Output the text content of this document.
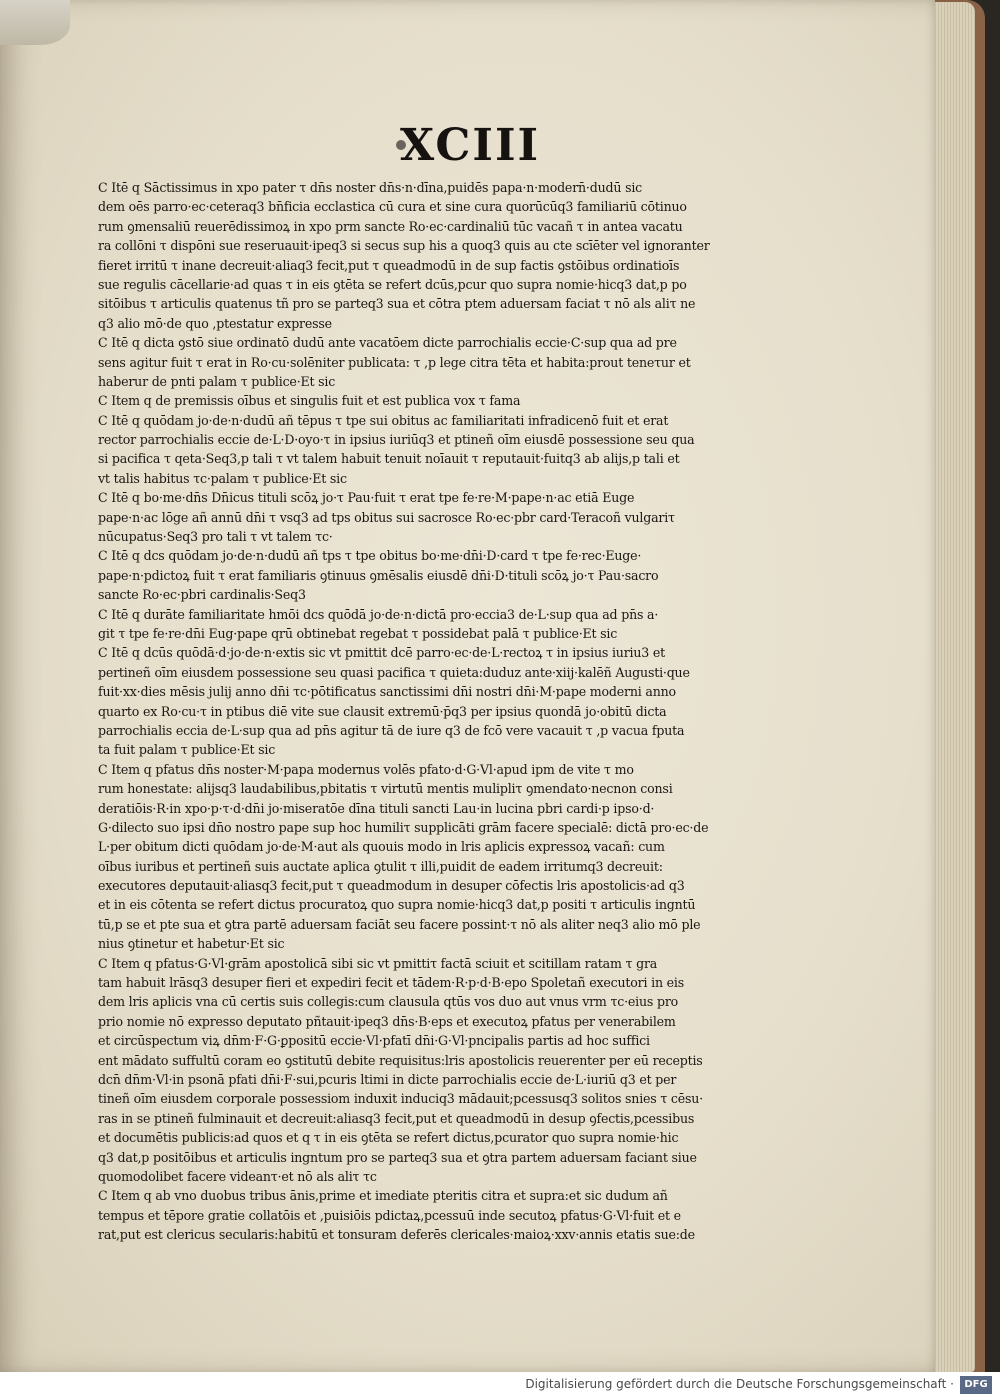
XCIII
C Itē q Sāctissimus in xpo pater τ dn̄s noster dn̄s·n·dīna,puidēs papa·n·modern̄·dudū sic
dem oēs parro·ec·ceteraq3 bn̄ficia ecclastica cū cura et sine cura quorūcūq3 familiariū cōtinuo
rum ꝯmensaliū reuerēdissimoꝝ in xpo prm sancte Ro·ec·cardinaliū tūc vacañ τ in antea vacatu
ra collōni τ dispōni sue reseruauit·ipeq3 si secus sup his a quoq3 quis au cte scīēter vel ignoranter
fieret irritū τ inane decreuit·aliaq3 fecit,put τ queadmodū in de sup factis ꝯstōibus ordinatioīs
sue regulis cācellarie·ad quas τ in eis ꝯtēta se refert dcūs,pcur quo supra nomie·hicq3 dat,p po
sitōibus τ articulis quatenus tñ pro se parteq3 sua et cōtra ptem aduersam faciat τ nō als aliτ ne
q3 alio mō·de quo ,ptestatur expresse
C Itē q dicta ꝯstō siue ordinatō dudū ante vacatōem dicte parrochialis eccie·C·sup qua ad pre
sens agitur fuit τ erat in Ro·cu·solēniter publicata: τ ,p lege citra tēta et habita:prout teneτur et
haberur de pnti palam τ publice·Et sic
C Item q de premissis oībus et singulis fuit et est publica vox τ fama
C Itē q quōdam jo·de·n·dudū añ tēpus τ tpe sui obitus ac familiaritati infradicenō fuit et erat
rector parrochialis eccie de·L·D·oyo·τ in ipsius iuriūq3 et ptineñ oīm eiusdē possessione seu qua
si pacifica τ qeta·Seq3,p tali τ vt talem habuit tenuit noīauit τ reputauit·fuitq3 ab alijs,p tali et
vt talis habitus τc·palam τ publice·Et sic
C Itē q bo·me·dn̄s Dn̄icus tituli scōꝝ jo·τ Pau·fuit τ erat tpe fe·re·M·pape·n·ac etiā Euge
pape·n·ac lōge añ annū dn̄i τ vsq3 ad tps obitus sui sacrosce Ro·ec·pbr card·Teracoñ vulgariτ
nūcupatus·Seq3 pro tali τ vt talem τc·
C Itē q dcs quōdam jo·de·n·dudū añ tps τ tpe obitus bo·me·dn̄i·D·card τ tpe fe·rec·Euge·
pape·n·pdictoꝝ fuit τ erat familiaris ꝯtinuus ꝯmēsalis eiusdē dn̄i·D·tituli scōꝝ jo·τ Pau·sacro
sancte Ro·ec·pbri cardinalis·Seq3
C Itē q durāte familiaritate hmōi dcs quōdā jo·de·n·dictā pro·eccia3 de·L·sup qua ad pn̄s a·
git τ tpe fe·re·dn̄i Eug·pape qrū obtinebat regebat τ possidebat palā τ publice·Et sic
C Itē q dcūs quōdā·d·jo·de·n·extis sic vt pmittit dcē parro·ec·de·L·rectoꝝ τ in ipsius iuriu3 et
pertineñ oīm eiusdem possessione seu quasi pacifica τ quieta:duduz ante·xiij·kalēñ Augusti·que
fuit·xx·dies mēsis julij anno dn̄i τc·pōtificatus sanctissimi dn̄i nostri dn̄i·M·pape moderni anno
quarto ex Ro·cu·τ in ptibus diē vite sue clausit extremū·p̄q3 per ipsius quondā jo·obitū dicta
parrochialis eccia de·L·sup qua ad pn̄s agitur tā de iure q3 de fcō vere vacauit τ ,p vacua fputa
ta fuit palam τ publice·Et sic
C Item q pfatus dn̄s noster·M·papa modernus volēs pfato·d·G·Vl·apud ipm de vite τ mo
rum honestate: alijsq3 laudabilibus,pbitatis τ virtutū mentis mulipliτ ꝯmendato·necnon consi
deratiōis·R·in xpo·p·τ·d·dn̄i jo·miseratōe dīna tituli sancti Lau·in lucina pbri cardi·p ipso·d·
G·dilecto suo ipsi dn̄o nostro pape sup hoc humiliτ supplicāti grām facere specialē: dictā pro·ec·de
L·per obitum dicti quōdam jo·de·M·aut als quouis modo in lris aplicis expressoꝝ vacañ: cum
oībus iuribus et pertineñ suis auctate aplica ꝯtulit τ illi,puidit de eadem irritumq3 decreuit:
executores deputauit·aliasq3 fecit,put τ queadmodum in desuper cōfectis lris apostolicis·ad q3
et in eis cōtenta se refert dictus procuratoꝝ quo supra nomie·hicq3 dat,p positi τ articulis ingntū
tū,p se et pte sua et ꝯtra partē aduersam faciāt seu facere possint·τ nō als aliter neq3 alio mō ple
nius ꝯtinetur et habetur·Et sic
C Item q pfatus·G·Vl·grām apostolicā sibi sic vt pmittiτ factā sciuit et scitillam ratam τ gra
tam habuit lrāsq3 desuper fieri et expediri fecit et tādem·R·p·d·B·epo Spoletañ executori in eis
dem lris aplicis vna cū certis suis collegis:cum clausula qtūs vos duo aut vnus vrm τc·eius pro
prio nomie nō expresso deputato pñtauit·ipeq3 dn̄s·B·eps et executoꝝ pfatus per venerabilem
et circūspectum viꝝ dn̄m·F·G·ꝑpositū eccie·Vl·pfatī dn̄i·G·Vl·pncipalis partis ad hoc suffici
ent mādato suffultū coram eo ꝯstitutū debite requisitus:lris apostolicis reuerenter per eū receptis
dcn̄ dn̄m·Vl·in psonā pfati dn̄i·F·sui,pcuris ltimi in dicte parrochialis eccie de·L·iuriū q3 et per
tineñ oīm eiusdem corporale possessiom induxit induciq3 mādauit;pcessusq3 solitos snies τ cēsu·
ras in se ptineñ fulminauit et decreuit:aliasq3 fecit,put et queadmodū in desup ꝯfectis,pcessibus
et documētis publicis:ad quos et q τ in eis ꝯtēta se refert dictus,pcurator quo supra nomie·hic
q3 dat,p positōibus et articulis ingntum pro se parteq3 sua et ꝯtra partem aduersam faciant siue
quomodolibet facere videanτ·et nō als aliτ τc
C Item q ab vno duobus tribus ānis,prime et imediate pteritis citra et supra:et sic dudum añ
tempus et tēpore gratie collatōis et ,puisiōis pdictaꝝ,pcessuū inde secutoꝝ pfatus·G·Vl·fuit et e
rat,put est clericus secularis:habitū et tonsuram deferēs clericales·maioꝝ·xxv·annis etatis sue:de
Digitalisierung gefördert durch die Deutsche Forschungsgemeinschaft ·	DFG
